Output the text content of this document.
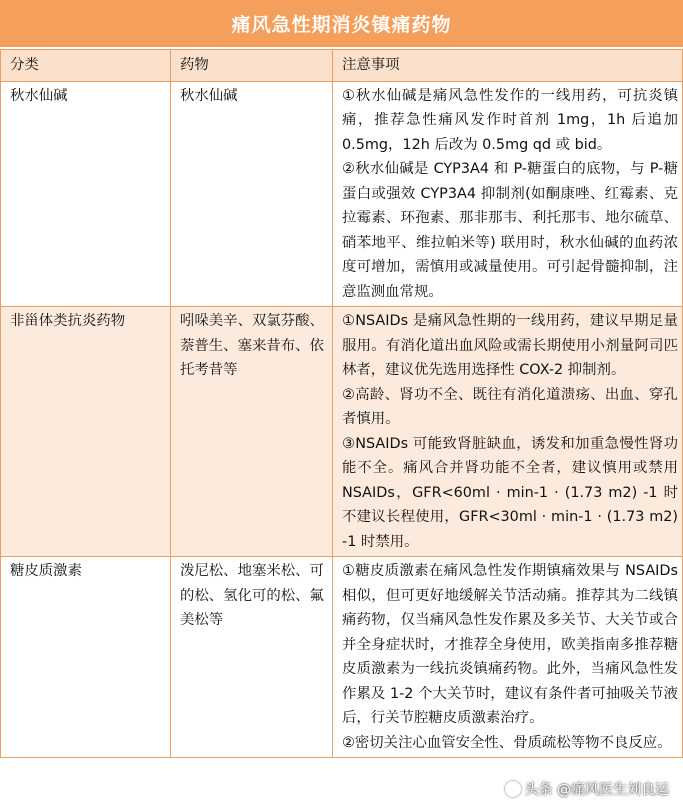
痛风急性期消炎镇痛药物
分类	药物	注意事项
秋水仙碱	秋水仙碱	①秋水仙碱是痛风急性发作的一线用药，可抗炎镇痛，推荐急性痛风发作时首剂 1mg，1h 后追加 0.5mg，12h 后改为 0.5mg qd 或 bid。

②秋水仙碱是 CYP3A4 和 P-糖蛋白的底物，与 P-糖蛋白或强效 CYP3A4 抑制剂(如酮康唑、红霉素、克拉霉素、环孢素、那非那韦、利托那韦、地尔硫草、硝苯地平、维拉帕米等) 联用时，秋水仙碱的血药浓度可增加，需慎用或减量使用。可引起骨髓抑制，注意监测血常规。

非甾体类抗炎药物	吲哚美辛、双氯芬酸、萘普生、塞来昔布、依托考昔等	①NSAIDs 是痛风急性期的一线用药，建议早期足量服用。有消化道出血风险或需长期使用小剂量阿司匹林者，建议优先选用选择性 COX-2 抑制剂。

②高龄、肾功不全、既往有消化道溃疡、出血、穿孔者慎用。

③NSAIDs 可能致肾脏缺血，诱发和加重急慢性肾功能不全。痛风合并肾功能不全者，建议慎用或禁用 NSAIDs，GFR<60ml · min-1 · (1.73 m2) -1 时不建议长程使用，GFR<30ml · min-1 · (1.73 m2) -1 时禁用。

糖皮质激素	泼尼松、地塞米松、可的松、氢化可的松、氟美松等	①糖皮质激素在痛风急性发作期镇痛效果与 NSAIDs 相似，但可更好地缓解关节活动痛。推荐其为二线镇痛药物，仅当痛风急性发作累及多关节、大关节或合并全身症状时，才推荐全身使用，欧美指南多推荐糖皮质激素为一线抗炎镇痛药物。此外，当痛风急性发作累及 1-2 个大关节时，建议有条件者可抽吸关节液后，行关节腔糖皮质激素治疗。

②密切关注心血管安全性、骨质疏松等物不良反应。

头条 @痛风医生刘良运
